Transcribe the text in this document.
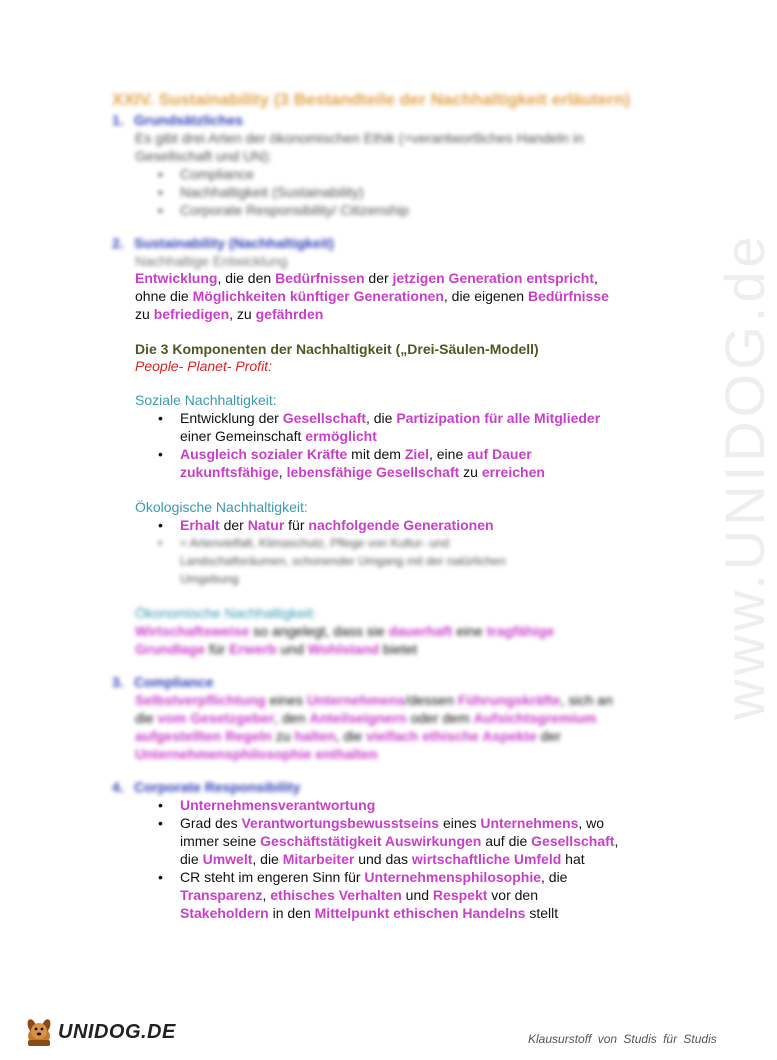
www.UNIDOG.de
XXIV. Sustainability (3 Bestandteile der Nachhaltigkeit erläutern)
1. Grundsätzliches
Es gibt drei Arten der ökonomischen Ethik (=verantwortliches Handeln in
Gesellschaft und UN):
▪ Compliance
▪ Nachhaltigkeit (Sustainability)
▪ Corporate Responsibility/ Citizenship
2. Sustainability (Nachhaltigkeit)
Nachhaltige Entwicklung
Entwicklung, die den Bedürfnissen der jetzigen Generation entspricht,
ohne die Möglichkeiten künftiger Generationen, die eigenen Bedürfnisse
zu befriedigen, zu gefährden
Die 3 Komponenten der Nachhaltigkeit („Drei-Säulen-Modell)
People- Planet- Profit:
Soziale Nachhaltigkeit:
• Entwicklung der Gesellschaft, die Partizipation für alle Mitglieder
einer Gemeinschaft ermöglicht
• Ausgleich sozialer Kräfte mit dem Ziel, eine auf Dauer
zukunftsfähige, lebensfähige Gesellschaft zu erreichen
Ökologische Nachhaltigkeit:
• Erhalt der Natur für nachfolgende Generationen
• = Artenvielfalt, Klimaschutz, Pflege von Kultur- und
Landschaftsräumen, schonender Umgang mit der natürlichen
Umgebung
Ökonomische Nachhaltigkeit:
Wirtschaftsweise so angelegt, dass sie dauerhaft eine tragfähige
Grundlage für Erwerb und Wohlstand bietet
3. Compliance
Selbstverpflichtung eines Unternehmens/dessen Führungskräfte, sich an
die vom Gesetzgeber, den Anteilseignern oder dem Aufsichtsgremium
aufgestellten Regeln zu halten, die vielfach ethische Aspekte der
Unternehmensphilosophie enthalten
4. Corporate Responsibility
• Unternehmensverantwortung
• Grad des Verantwortungsbewusstseins eines Unternehmens, wo
immer seine Geschäftstätigkeit Auswirkungen auf die Gesellschaft,
die Umwelt, die Mitarbeiter und das wirtschaftliche Umfeld hat
• CR steht im engeren Sinn für Unternehmensphilosophie, die
Transparenz, ethisches Verhalten und Respekt vor den
Stakeholdern in den Mittelpunkt ethischen Handelns stellt
UNIDOG.DE	Klausurstoff von Studis für Studis
